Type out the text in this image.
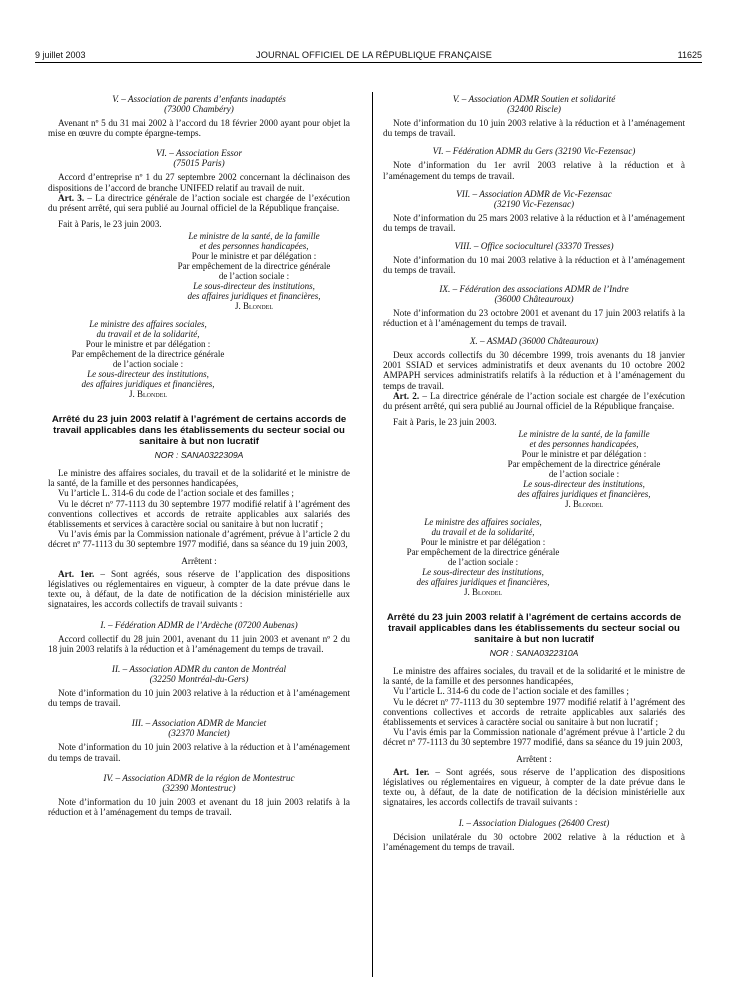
9 juillet 2003	JOURNAL OFFICIEL DE LA RÉPUBLIQUE FRANÇAISE	11625
V. – Association de parents d’enfants inadaptés
(73000 Chambéry)

Avenant nº 5 du 31 mai 2002 à l’accord du 18 février 2000 ayant pour objet la mise en œuvre du compte épargne-temps.

VI. – Association Essor
(75015 Paris)

Accord d’entreprise nº 1 du 27 septembre 2002 concernant la déclinaison des dispositions de l’accord de branche UNIFED relatif au travail de nuit.

Art. 3. – La directrice générale de l’action sociale est chargée de l’exécution du présent arrêté, qui sera publié au Journal officiel de la République française.

Fait à Paris, le 23 juin 2003.

Le ministre de la santé, de la famille
et des personnes handicapées,
Pour le ministre et par délégation :
Par empêchement de la directrice générale
de l’action sociale :
Le sous-directeur des institutions,
des affaires juridiques et financières,
J. Blondel
Le ministre des affaires sociales,
du travail et de la solidarité,
Pour le ministre et par délégation :
Par empêchement de la directrice générale
de l’action sociale :
Le sous-directeur des institutions,
des affaires juridiques et financières,
J. Blondel
Arrêté du 23 juin 2003 relatif à l’agrément de certains accords de travail applicables dans les établissements du secteur social ou sanitaire à but non lucratif
NOR : SANA0322309A

Le ministre des affaires sociales, du travail et de la solidarité et le ministre de la santé, de la famille et des personnes handicapées,

Vu l’article L. 314-6 du code de l’action sociale et des familles ;

Vu le décret nº 77-1113 du 30 septembre 1977 modifié relatif à l’agrément des conventions collectives et accords de retraite applicables aux salariés des établissements et services à caractère social ou sanitaire à but non lucratif ;

Vu l’avis émis par la Commission nationale d’agrément, prévue à l’article 2 du décret nº 77-1113 du 30 septembre 1977 modifié, dans sa séance du 19 juin 2003,

Arrêtent :

Art. 1er. – Sont agréés, sous réserve de l’application des dispositions législatives ou réglementaires en vigueur, à compter de la date prévue dans le texte ou, à défaut, de la date de notification de la décision ministérielle aux signataires, les accords collectifs de travail suivants :

I. – Fédération ADMR de l’Ardèche (07200 Aubenas)

Accord collectif du 28 juin 2001, avenant du 11 juin 2003 et avenant nº 2 du 18 juin 2003 relatifs à la réduction et à l’aménagement du temps de travail.

II. – Association ADMR du canton de Montréal
(32250 Montréal-du-Gers)

Note d’information du 10 juin 2003 relative à la réduction et à l’aménagement du temps de travail.

III. – Association ADMR de Manciet
(32370 Manciet)

Note d’information du 10 juin 2003 relative à la réduction et à l’aménagement du temps de travail.

IV. – Association ADMR de la région de Montestruc
(32390 Montestruc)

Note d’information du 10 juin 2003 et avenant du 18 juin 2003 relatifs à la réduction et à l’aménagement du temps de travail.

V. – Association ADMR Soutien et solidarité
(32400 Riscle)

Note d’information du 10 juin 2003 relative à la réduction et à l’aménagement du temps de travail.

VI. – Fédération ADMR du Gers (32190 Vic-Fezensac)

Note d’information du 1er avril 2003 relative à la réduction et à l’aménagement du temps de travail.

VII. – Association ADMR de Vic-Fezensac
(32190 Vic-Fezensac)

Note d’information du 25 mars 2003 relative à la réduction et à l’aménagement du temps de travail.

VIII. – Office socioculturel (33370 Tresses)

Note d’information du 10 mai 2003 relative à la réduction et à l’aménagement du temps de travail.

IX. – Fédération des associations ADMR de l’Indre
(36000 Châteauroux)

Note d’information du 23 octobre 2001 et avenant du 17 juin 2003 relatifs à la réduction et à l’aménagement du temps de travail.

X. – ASMAD (36000 Châteauroux)

Deux accords collectifs du 30 décembre 1999, trois avenants du 18 janvier 2001 SSIAD et services administratifs et deux avenants du 10 octobre 2002 AMPAPH services administratifs relatifs à la réduction et à l’aménagement du temps de travail.

Art. 2. – La directrice générale de l’action sociale est chargée de l’exécution du présent arrêté, qui sera publié au Journal officiel de la République française.

Fait à Paris, le 23 juin 2003.

Le ministre de la santé, de la famille
et des personnes handicapées,
Pour le ministre et par délégation :
Par empêchement de la directrice générale
de l’action sociale :
Le sous-directeur des institutions,
des affaires juridiques et financières,
J. Blondel
Le ministre des affaires sociales,
du travail et de la solidarité,
Pour le ministre et par délégation :
Par empêchement de la directrice générale
de l’action sociale :
Le sous-directeur des institutions,
des affaires juridiques et financières,
J. Blondel
Arrêté du 23 juin 2003 relatif à l’agrément de certains accords de travail applicables dans les établissements du secteur social ou sanitaire à but non lucratif
NOR : SANA0322310A

Le ministre des affaires sociales, du travail et de la solidarité et le ministre de la santé, de la famille et des personnes handicapées,

Vu l’article L. 314-6 du code de l’action sociale et des familles ;

Vu le décret nº 77-1113 du 30 septembre 1977 modifié relatif à l’agrément des conventions collectives et accords de retraite applicables aux salariés des établissements et services à caractère social ou sanitaire à but non lucratif ;

Vu l’avis émis par la Commission nationale d’agrément prévue à l’article 2 du décret nº 77-1113 du 30 septembre 1977 modifié, dans sa séance du 19 juin 2003,

Arrêtent :

Art. 1er. – Sont agréés, sous réserve de l’application des dispositions législatives ou réglementaires en vigueur, à compter de la date prévue dans le texte ou, à défaut, de la date de notification de la décision ministérielle aux signataires, les accords collectifs de travail suivants :

I. – Association Dialogues (26400 Crest)

Décision unilatérale du 30 octobre 2002 relative à la réduction et à l’aménagement du temps de travail.
